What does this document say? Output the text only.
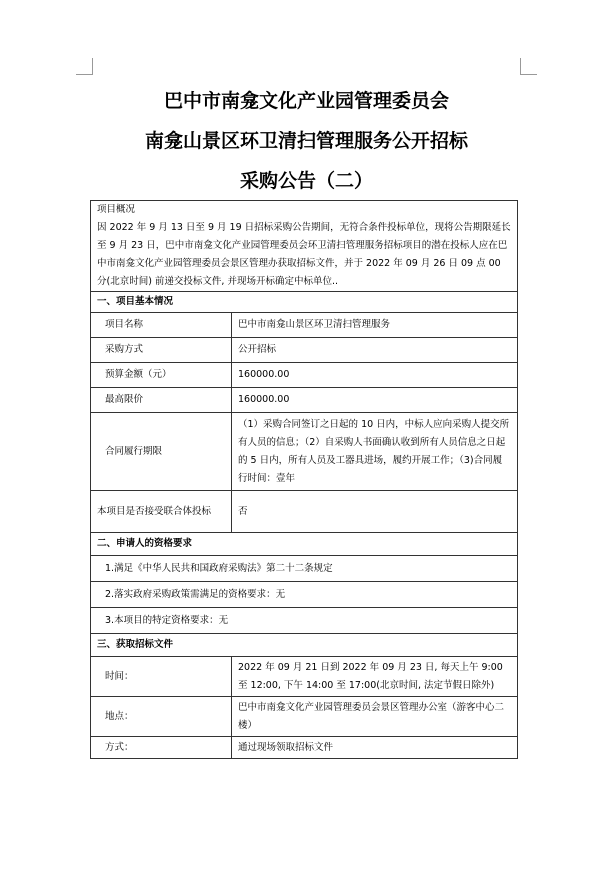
巴中市南龛文化产业园管理委员会
南龛山景区环卫清扫管理服务公开招标
采购公告（二）
项目概况
因 2022 年 9 月 13 日至 9 月 19 日招标采购公告期间，无符合条件投标单位，现将公告期限延长至 9 月 23 日，巴中市南龛文化产业园管理委员会环卫清扫管理服务招标项目的潜在投标人应在巴中市南龛文化产业园管理委员会景区管理办获取招标文件，并于 2022 年 09 月 26 日 09 点 00 分(北京时间) 前递交投标文件, 并现场开标确定中标单位..	

一、项目基本情况	
项目名称	巴中市南龛山景区环卫清扫管理服务
采购方式	公开招标
预算金额（元）	160000.00
最高限价	160000.00
合同履行期限	（1）采购合同签订之日起的 10 日内，中标人应向采购人提交所有人员的信息；（2）自采购人书面确认收到所有人员信息之日起的 5 日内，所有人员及工器具进场，履约开展工作；（3)合同履行时间：壹年
本项目是否接受联合体投标	否
二、申请人的资格要求	
1.满足《中华人民共和国政府采购法》第二十二条规定	
2.落实政府采购政策需满足的资格要求：无	
3.本项目的特定资格要求：无	
三、获取招标文件	
时间：	2022 年 09 月 21 日到 2022 年 09 月 23 日, 每天上午 9:00 至 12:00, 下午 14:00 至 17:00(北京时间, 法定节假日除外)
地点：	巴中市南龛文化产业园管理委员会景区管理办公室（游客中心二楼）
方式：	通过现场领取招标文件
